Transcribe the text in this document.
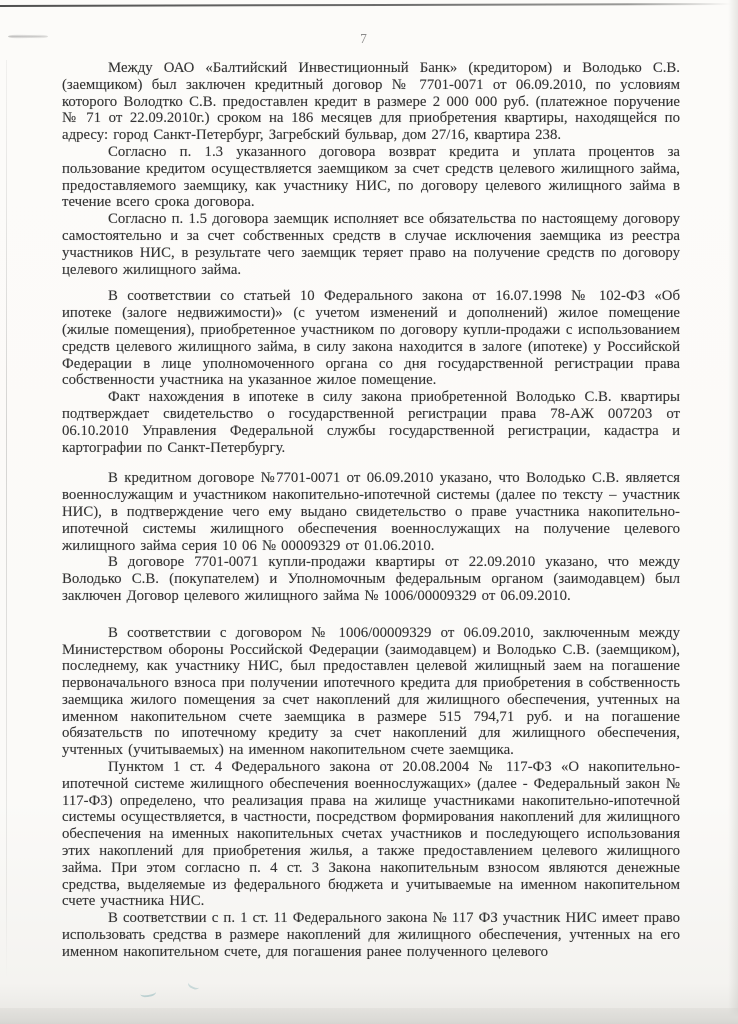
7

Между ОАО «Балтийский Инвестиционный Банк» (кредитором) и Володько С.В. (заемщиком) был заключен кредитный договор № 7701-0071 от 06.09.2010, по условиям которого Володтко С.В. предоставлен кредит в размере 2 000 000 руб. (платежное поручение № 71 от 22.09.2010г.) сроком на 186 месяцев для приобретения квартиры, находящейся по адресу: город Санкт-Петербург, Загребский бульвар, дом 27/16, квартира 238.

Согласно п. 1.3 указанного договора возврат кредита и уплата процентов за пользование кредитом осуществляется заемщиком за счет средств целевого жилищного займа, предоставляемого заемщику, как участнику НИС, по договору целевого жилищного займа в течение всего срока договора.

Согласно п. 1.5 договора заемщик исполняет все обязательства по настоящему договору самостоятельно и за счет собственных средств в случае исключения заемщика из реестра участников НИС, в результате чего заемщик теряет право на получение средств по договору целевого жилищного займа.

В соответствии со статьей 10 Федерального закона от 16.07.1998 № 102-ФЗ «Об ипотеке (залоге недвижимости)» (с учетом изменений и дополнений) жилое помещение (жилые помещения), приобретенное участником по договору купли-продажи с использованием средств целевого жилищного займа, в силу закона находится в залоге (ипотеке) у Российской Федерации в лице уполномоченного органа со дня государственной регистрации права собственности участника на указанное жилое помещение.

Факт нахождения в ипотеке в силу закона приобретенной Володько С.В. квартиры подтверждает свидетельство о государственной регистрации права 78-АЖ 007203 от 06.10.2010 Управления Федеральной службы государственной регистрации, кадастра и картографии по Санкт-Петербургу.

В кредитном договоре №7701-0071 от 06.09.2010 указано, что Володько С.В. является военнослужащим и участником накопительно-ипотечной системы (далее по тексту – участник НИС), в подтверждение чего ему выдано свидетельство о праве участника накопительно-ипотечной системы жилищного обеспечения военнослужащих на получение целевого жилищного займа серия 10 06 № 00009329 от 01.06.2010.

В договоре 7701-0071 купли-продажи квартиры от 22.09.2010 указано, что между Володько С.В. (покупателем) и Уполномочным федеральным органом (заимодавцем) был заключен Договор целевого жилищного займа № 1006/00009329 от 06.09.2010.

В соответствии с договором № 1006/00009329 от 06.09.2010, заключенным между Министерством обороны Российской Федерации (заимодавцем) и Володько С.В. (заемщиком), последнему, как участнику НИС, был предоставлен целевой жилищный заем на погашение первоначального взноса при получении ипотечного кредита для приобретения в собственность заемщика жилого помещения за счет накоплений для жилищного обеспечения, учтенных на именном накопительном счете заемщика в размере 515 794,71 руб. и на погашение обязательств по ипотечному кредиту за счет накоплений для жилищного обеспечения, учтенных (учитываемых) на именном накопительном счете заемщика.

Пунктом 1 ст. 4 Федерального закона от 20.08.2004 № 117-ФЗ «О накопительно-ипотечной системе жилищного обеспечения военнослужащих» (далее - Федеральный закон № 117-ФЗ) определено, что реализация права на жилище участниками накопительно-ипотечной системы осуществляется, в частности, посредством формирования накоплений для жилищного обеспечения на именных накопительных счетах участников и последующего использования этих накоплений для приобретения жилья, а также предоставлением целевого жилищного займа. При этом согласно п. 4 ст. 3 Закона накопительным взносом являются денежные средства, выделяемые из федерального бюджета и учитываемые на именном накопительном счете участника НИС.

В соответствии с п. 1 ст. 11 Федерального закона № 117 ФЗ участник НИС имеет право использовать средства в размере накоплений для жилищного обеспечения, учтенных на его именном накопительном счете, для погашения ранее полученного целевого
